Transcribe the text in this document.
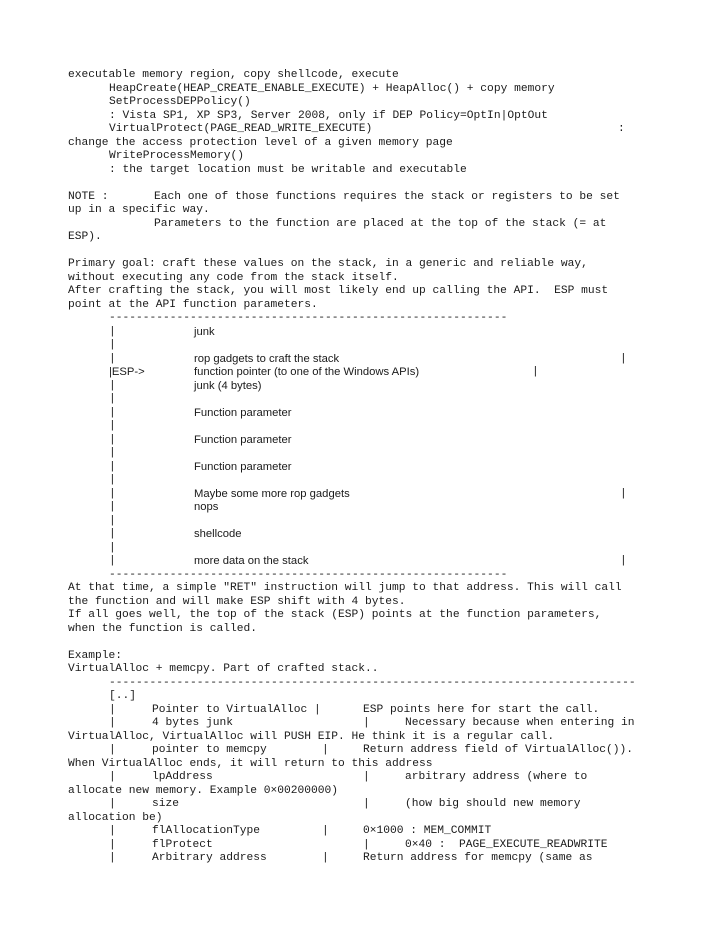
executable memory region, copy shellcode, execute
HeapCreate(HEAP_CREATE_ENABLE_EXECUTE) + HeapAlloc() + copy memory
SetProcessDEPPolicy()
: Vista SP1, XP SP3, Server 2008, only if DEP Policy=OptIn|OptOut
VirtualProtect(PAGE_READ_WRITE_EXECUTE)	:
change the access protection level of a given memory page
WriteProcessMemory()
: the target location must be writable and executable
NOTE :	Each one of those functions requires the stack or registers to be set
up in a specific way.
Parameters to the function are placed at the top of the stack (= at
ESP).
Primary goal: craft these values on the stack, in a generic and reliable way,
without executing any code from the stack itself.
After crafting the stack, you will most likely end up calling the API.  ESP must
point at the API function parameters.
-----------------------------------------------------------
|	junk
|
|	rop gadgets to craft the stack	|
|ESP->	function pointer (to one of the Windows APIs)	|
|	junk (4 bytes)
|
|	Function parameter
|
|	Function parameter
|
|	Function parameter
|
|	Maybe some more rop gadgets	|
|	nops
|
|	shellcode
|
|	more data on the stack	|
-----------------------------------------------------------
At that time, a simple "RET" instruction will jump to that address. This will call
the function and will make ESP shift with 4 bytes.
If all goes well, the top of the stack (ESP) points at the function parameters,
when the function is called.
Example:
VirtualAlloc + memcpy. Part of crafted stack..
------------------------------------------------------------------------------
[..]
|	Pointer to VirtualAlloc |	ESP points here for start the call.
|	4 bytes junk	|	Necessary because when entering in
VirtualAlloc, VirtualAlloc will PUSH EIP. He think it is a regular call.
|	pointer to memcpy	|	Return address field of VirtualAlloc()).
When VirtualAlloc ends, it will return to this address
|	lpAddress	|	arbitrary address (where to
allocate new memory. Example 0×00200000)
|	size	|	(how big should new memory
allocation be)
|	flAllocationType	|	0×1000 : MEM_COMMIT
|	flProtect	|	0×40 :  PAGE_EXECUTE_READWRITE
|	Arbitrary address	|	Return address for memcpy (same as
